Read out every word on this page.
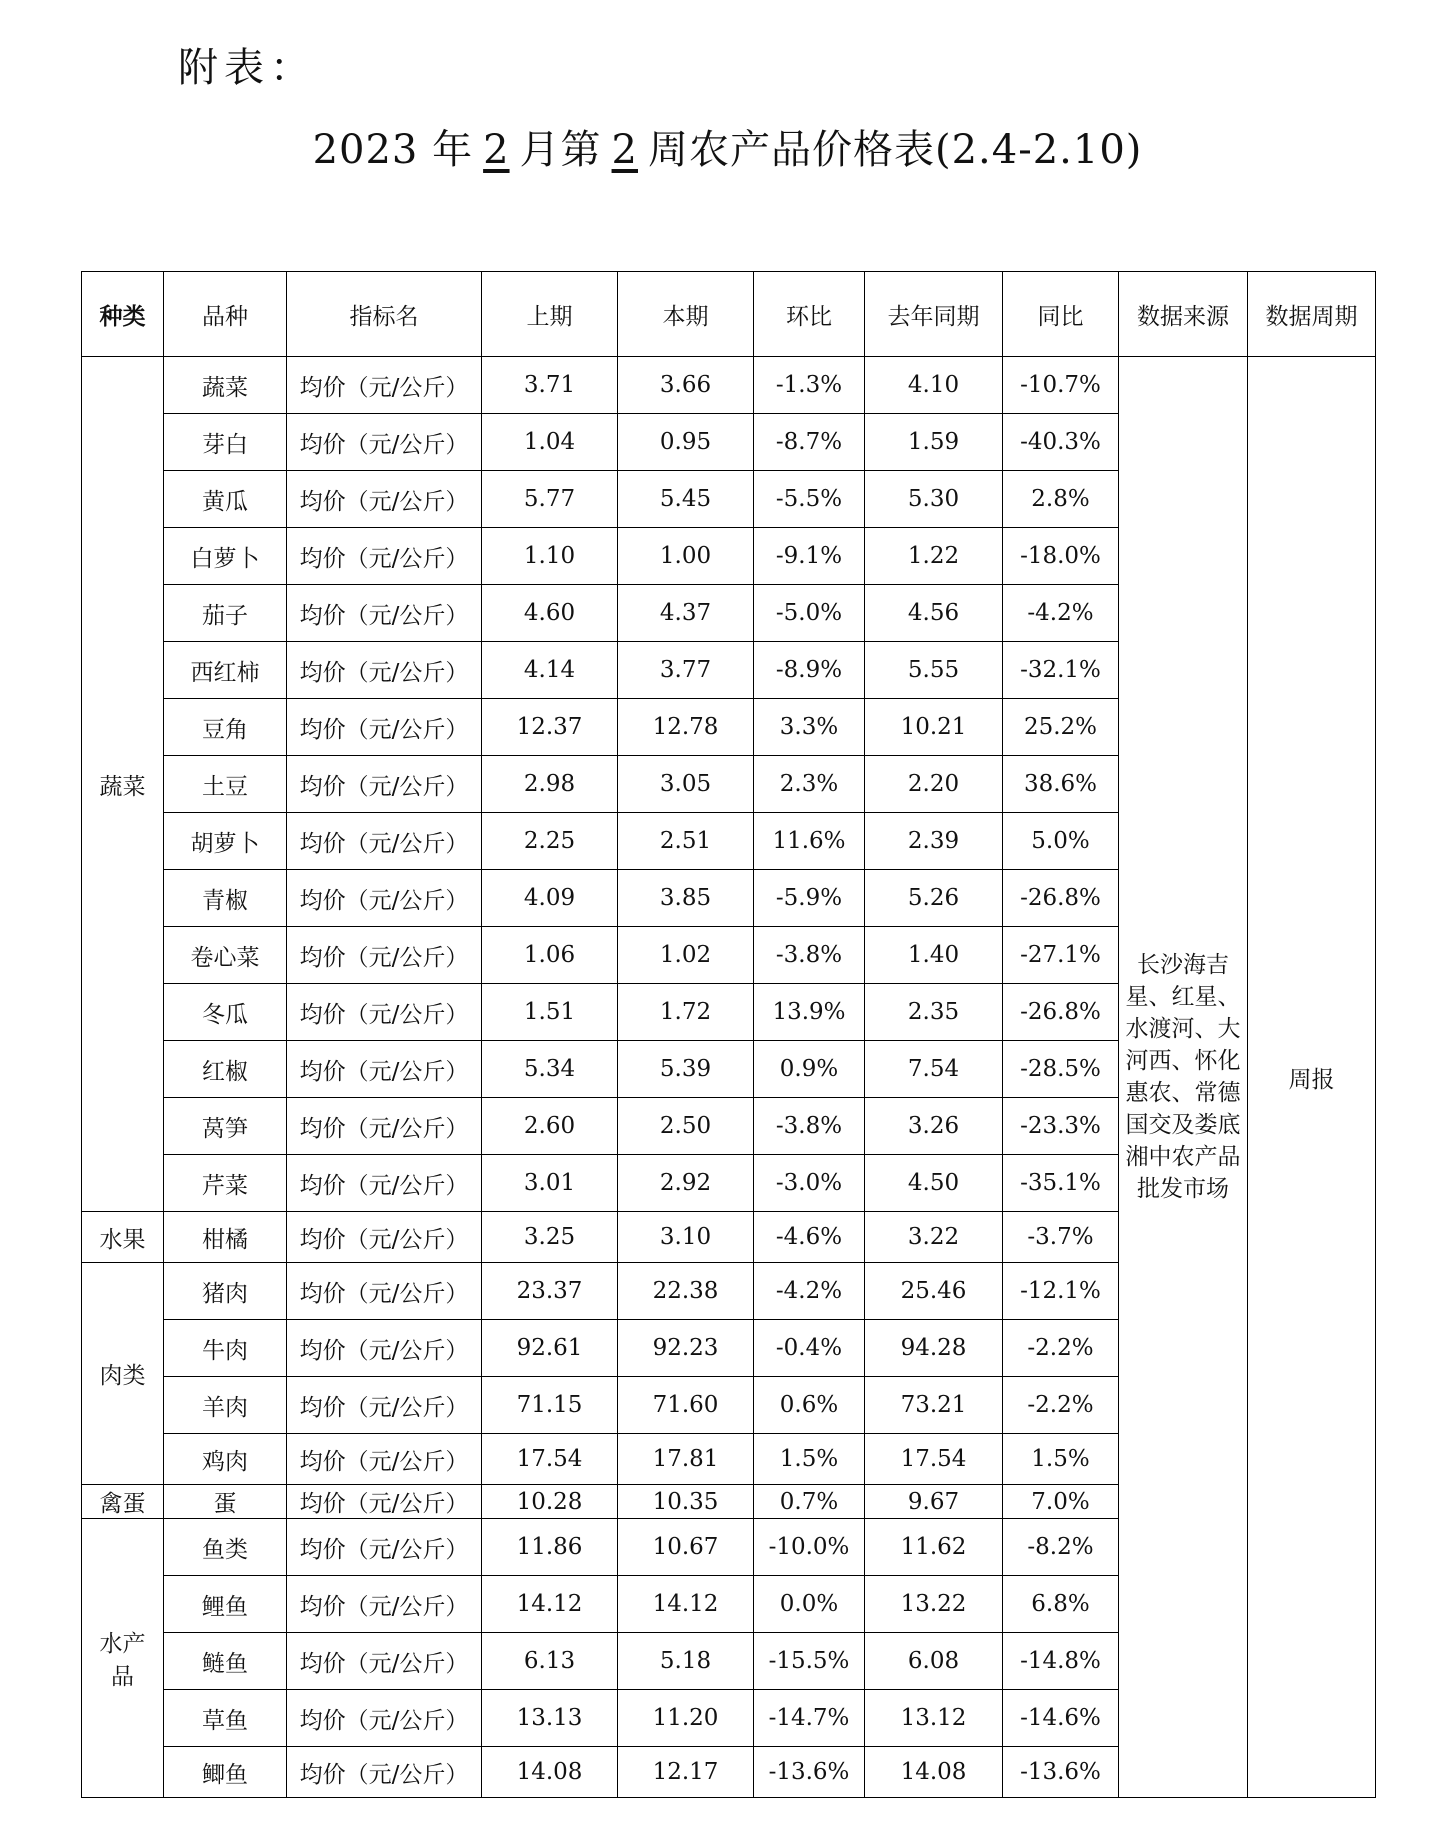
附表：
2023 年 2 月第 2 周农产品价格表(2.4-2.10)
种类	品种	指标名	上期	本期	环比	去年同期	同比	数据来源	数据周期
蔬菜	蔬菜	均价（元/公斤）	3.71	3.66	-1.3%	4.10	-10.7%	长沙海吉星、红星、水渡河、大河西、怀化惠农、常德国交及娄底湘中农产品批发市场	周报
	芽白	均价（元/公斤）	1.04	0.95	-8.7%	1.59	-40.3%		
	黄瓜	均价（元/公斤）	5.77	5.45	-5.5%	5.30	2.8%		
	白萝卜	均价（元/公斤）	1.10	1.00	-9.1%	1.22	-18.0%		
	茄子	均价（元/公斤）	4.60	4.37	-5.0%	4.56	-4.2%		
	西红柿	均价（元/公斤）	4.14	3.77	-8.9%	5.55	-32.1%		
	豆角	均价（元/公斤）	12.37	12.78	3.3%	10.21	25.2%		
	土豆	均价（元/公斤）	2.98	3.05	2.3%	2.20	38.6%		
	胡萝卜	均价（元/公斤）	2.25	2.51	11.6%	2.39	5.0%		
	青椒	均价（元/公斤）	4.09	3.85	-5.9%	5.26	-26.8%		
	卷心菜	均价（元/公斤）	1.06	1.02	-3.8%	1.40	-27.1%		
	冬瓜	均价（元/公斤）	1.51	1.72	13.9%	2.35	-26.8%		
	红椒	均价（元/公斤）	5.34	5.39	0.9%	7.54	-28.5%		
	莴笋	均价（元/公斤）	2.60	2.50	-3.8%	3.26	-23.3%		
	芹菜	均价（元/公斤）	3.01	2.92	-3.0%	4.50	-35.1%		
水果	柑橘	均价（元/公斤）	3.25	3.10	-4.6%	3.22	-3.7%		
肉类	猪肉	均价（元/公斤）	23.37	22.38	-4.2%	25.46	-12.1%		
	牛肉	均价（元/公斤）	92.61	92.23	-0.4%	94.28	-2.2%		
	羊肉	均价（元/公斤）	71.15	71.60	0.6%	73.21	-2.2%		
	鸡肉	均价（元/公斤）	17.54	17.81	1.5%	17.54	1.5%		
禽蛋	蛋	均价（元/公斤）	10.28	10.35	0.7%	9.67	7.0%		
水产品	鱼类	均价（元/公斤）	11.86	10.67	-10.0%	11.62	-8.2%		
	鲤鱼	均价（元/公斤）	14.12	14.12	0.0%	13.22	6.8%		
	鲢鱼	均价（元/公斤）	6.13	5.18	-15.5%	6.08	-14.8%		
	草鱼	均价（元/公斤）	13.13	11.20	-14.7%	13.12	-14.6%		
	鲫鱼	均价（元/公斤）	14.08	12.17	-13.6%	14.08	-13.6%		
